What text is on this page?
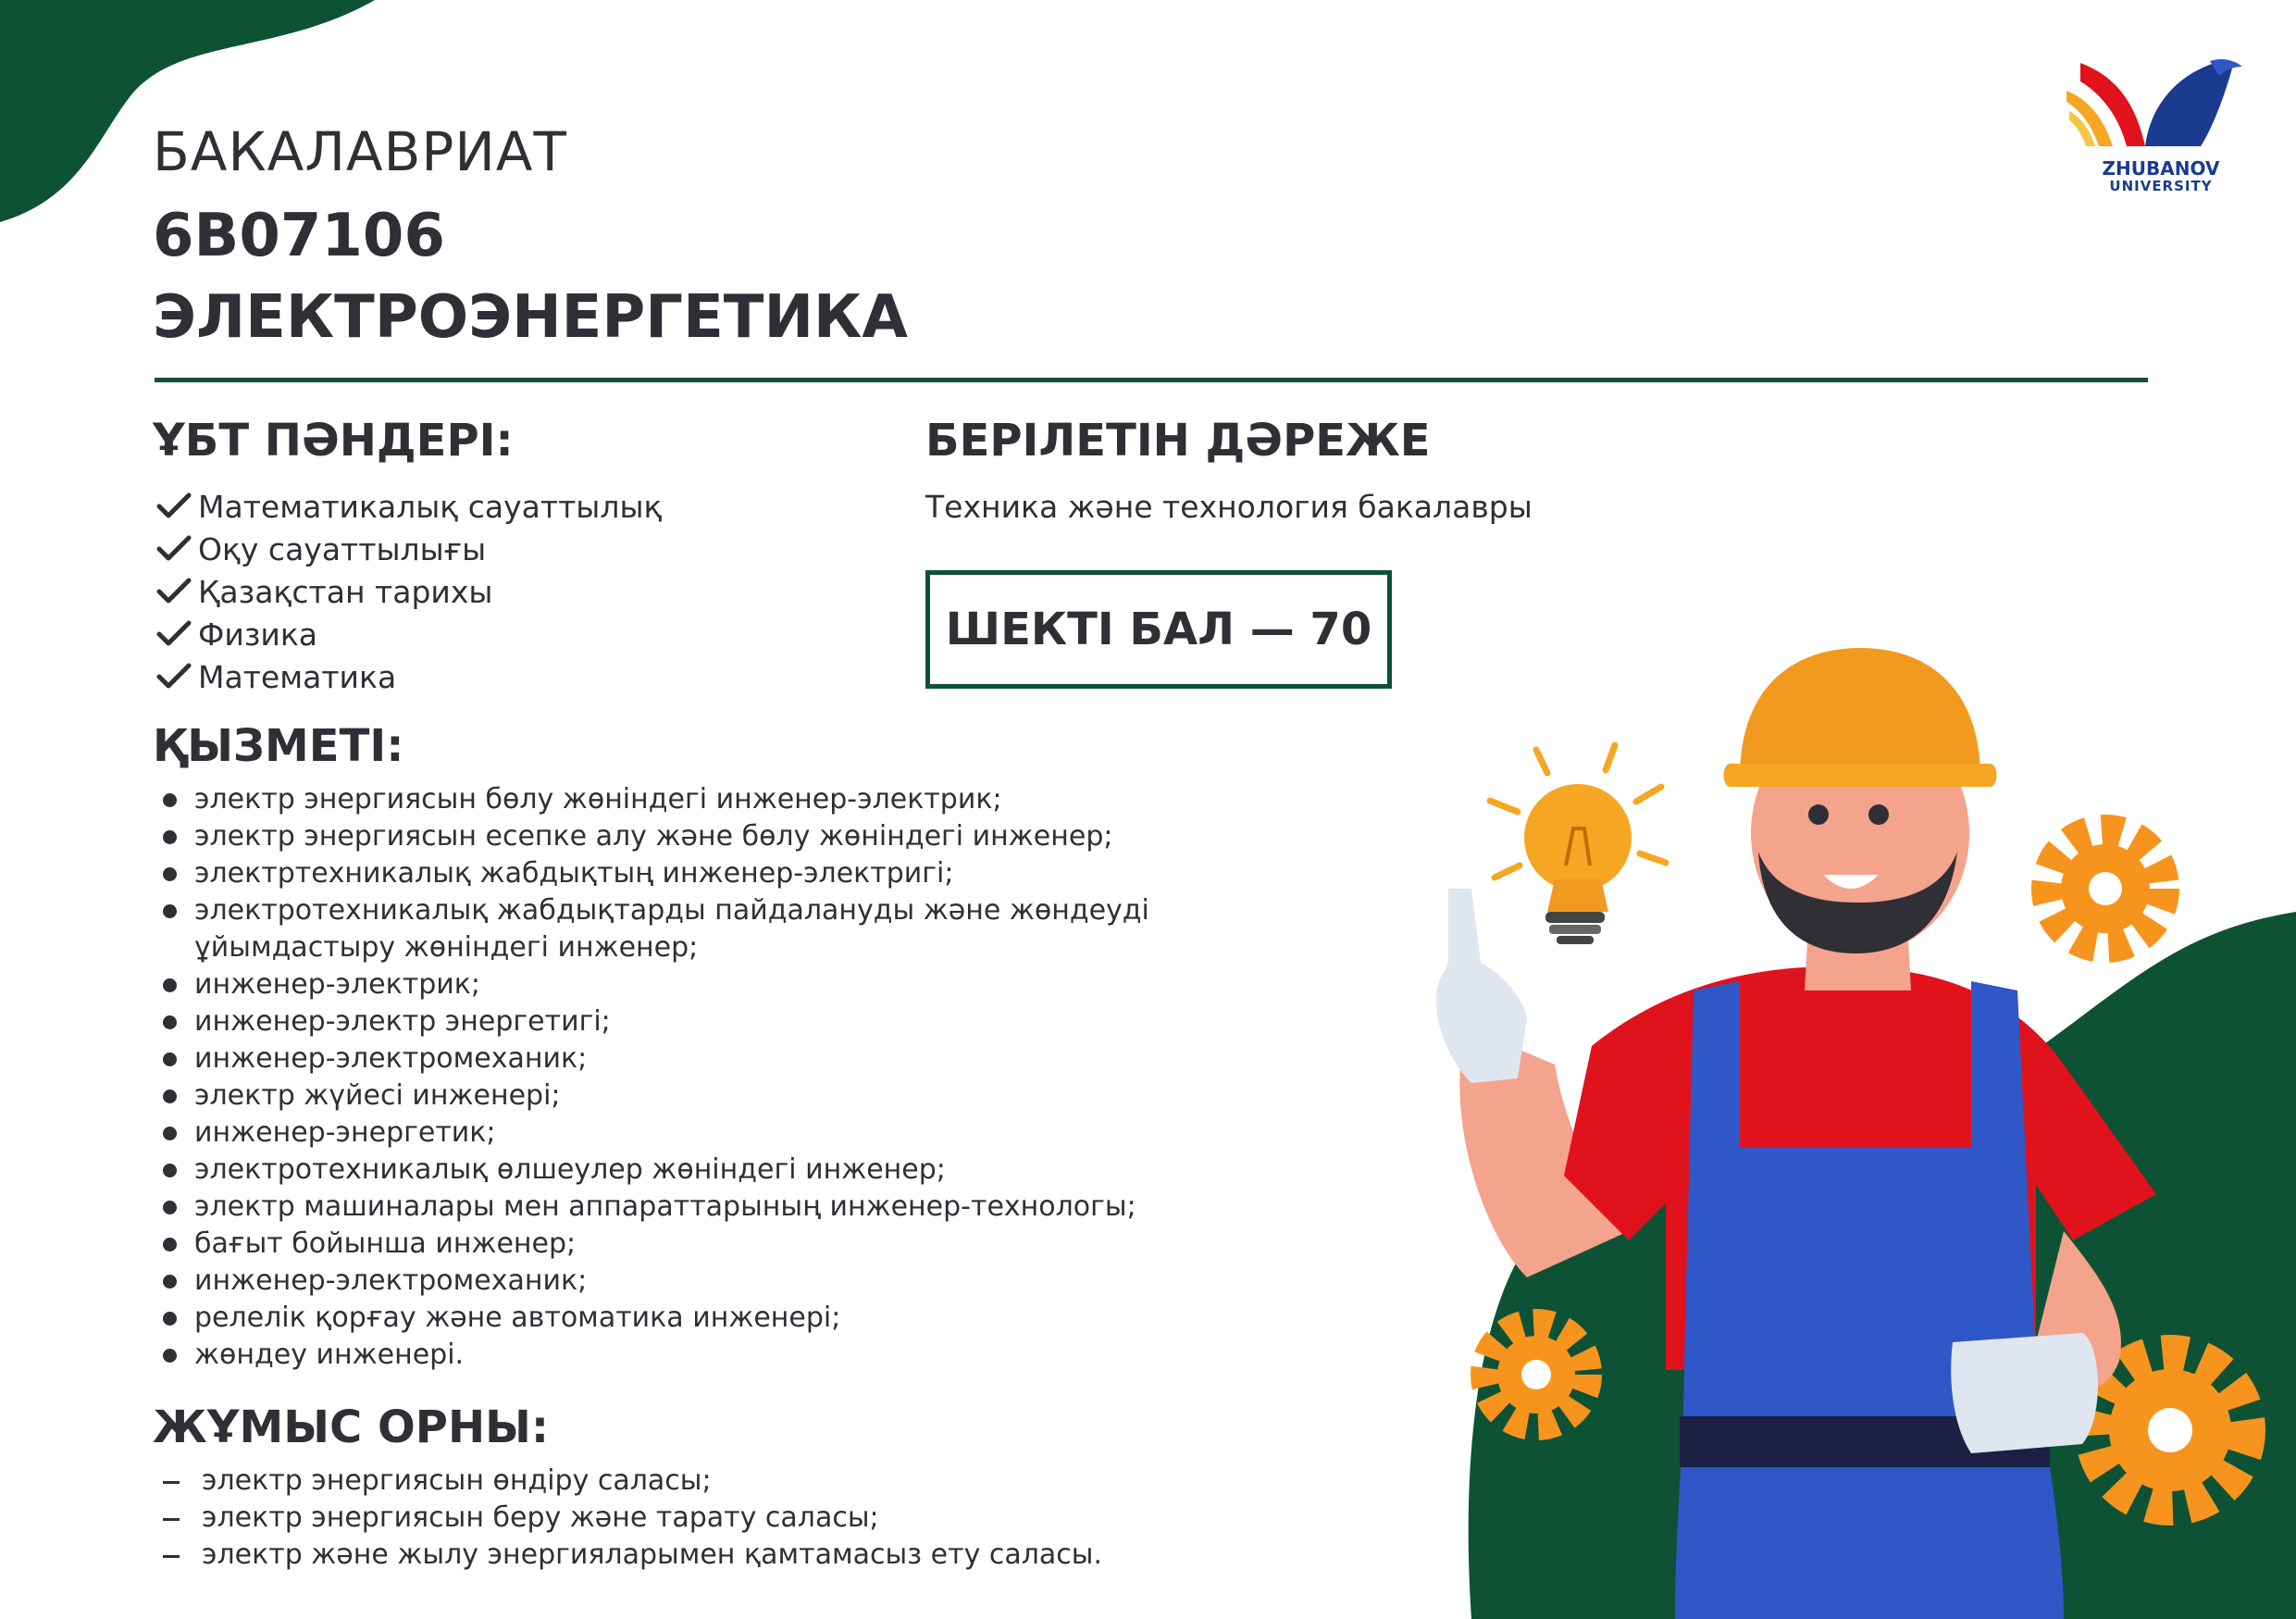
БАКАЛАВРИАТ
6B07106
ЭЛЕКТРОЭНЕРГЕТИКА
ZHUBANOV
UNIVERSITY
ҰБТ ПӘНДЕРІ:
Математикалық сауаттылық
Оқу сауаттылығы
Қазақстан тарихы
Физика
Математика
БЕРІЛЕТІН ДӘРЕЖЕ
Техника және технология бакалавры
ШЕКТІ БАЛ — 70
ҚЫЗМЕТІ:
электр энергиясын бөлу жөніндегі инженер-электрик;
электр энергиясын есепке алу және бөлу жөніндегі инженер;
электртехникалық жабдықтың инженер-электригі;
электротехникалық жабдықтарды пайдалануды және жөндеуді
ұйымдастыру жөніндегі инженер;
инженер-электрик;
инженер-электр энергетигі;
инженер-электромеханик;
электр жүйесі инженері;
инженер-энергетик;
электротехникалық өлшеулер жөніндегі инженер;
электр машиналары мен аппараттарының инженер-технологы;
бағыт бойынша инженер;
инженер-электромеханик;
релелік қорғау және автоматика инженері;
жөндеу инженері.
ЖҰМЫС ОРНЫ:
электр энергиясын өндіру саласы;
электр энергиясын беру және тарату саласы;
электр және жылу энергияларымен қамтамасыз ету саласы.
